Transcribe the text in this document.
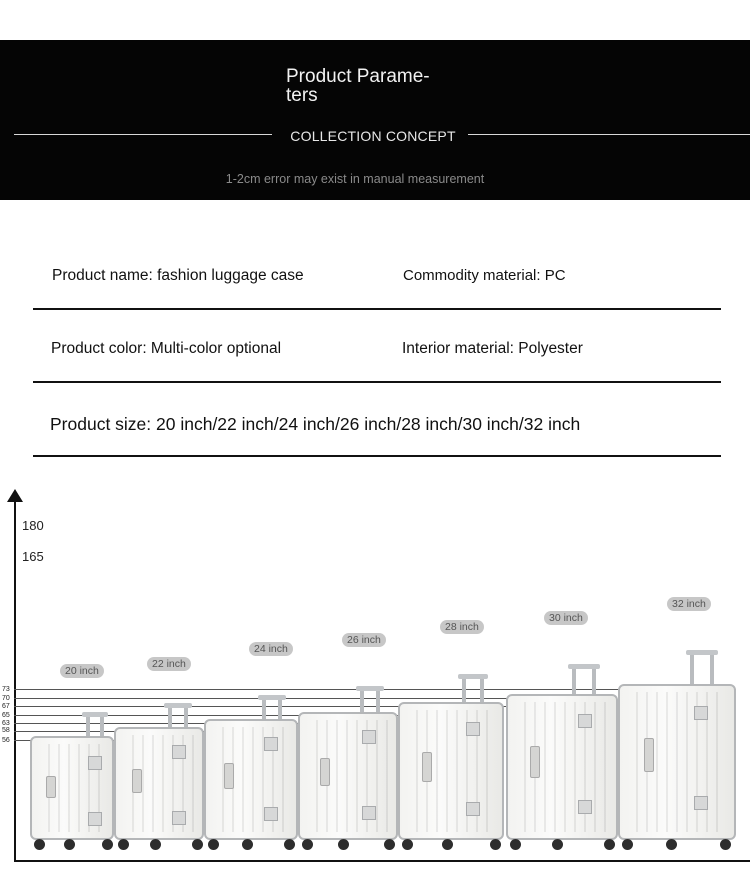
Product Parame- ters
COLLECTION CONCEPT
1-2cm error may exist in manual measurement
Product name: fashion luggage case	Commodity material: PC
Product color: Multi-color optional	Interior material: Polyester
Product size: 20 inch/22 inch/24 inch/26 inch/28 inch/30 inch/32 inch
180
165
73
70
67
65
63
58
56
20 inch
22 inch
24 inch
26 inch
28 inch
30 inch
32 inch
